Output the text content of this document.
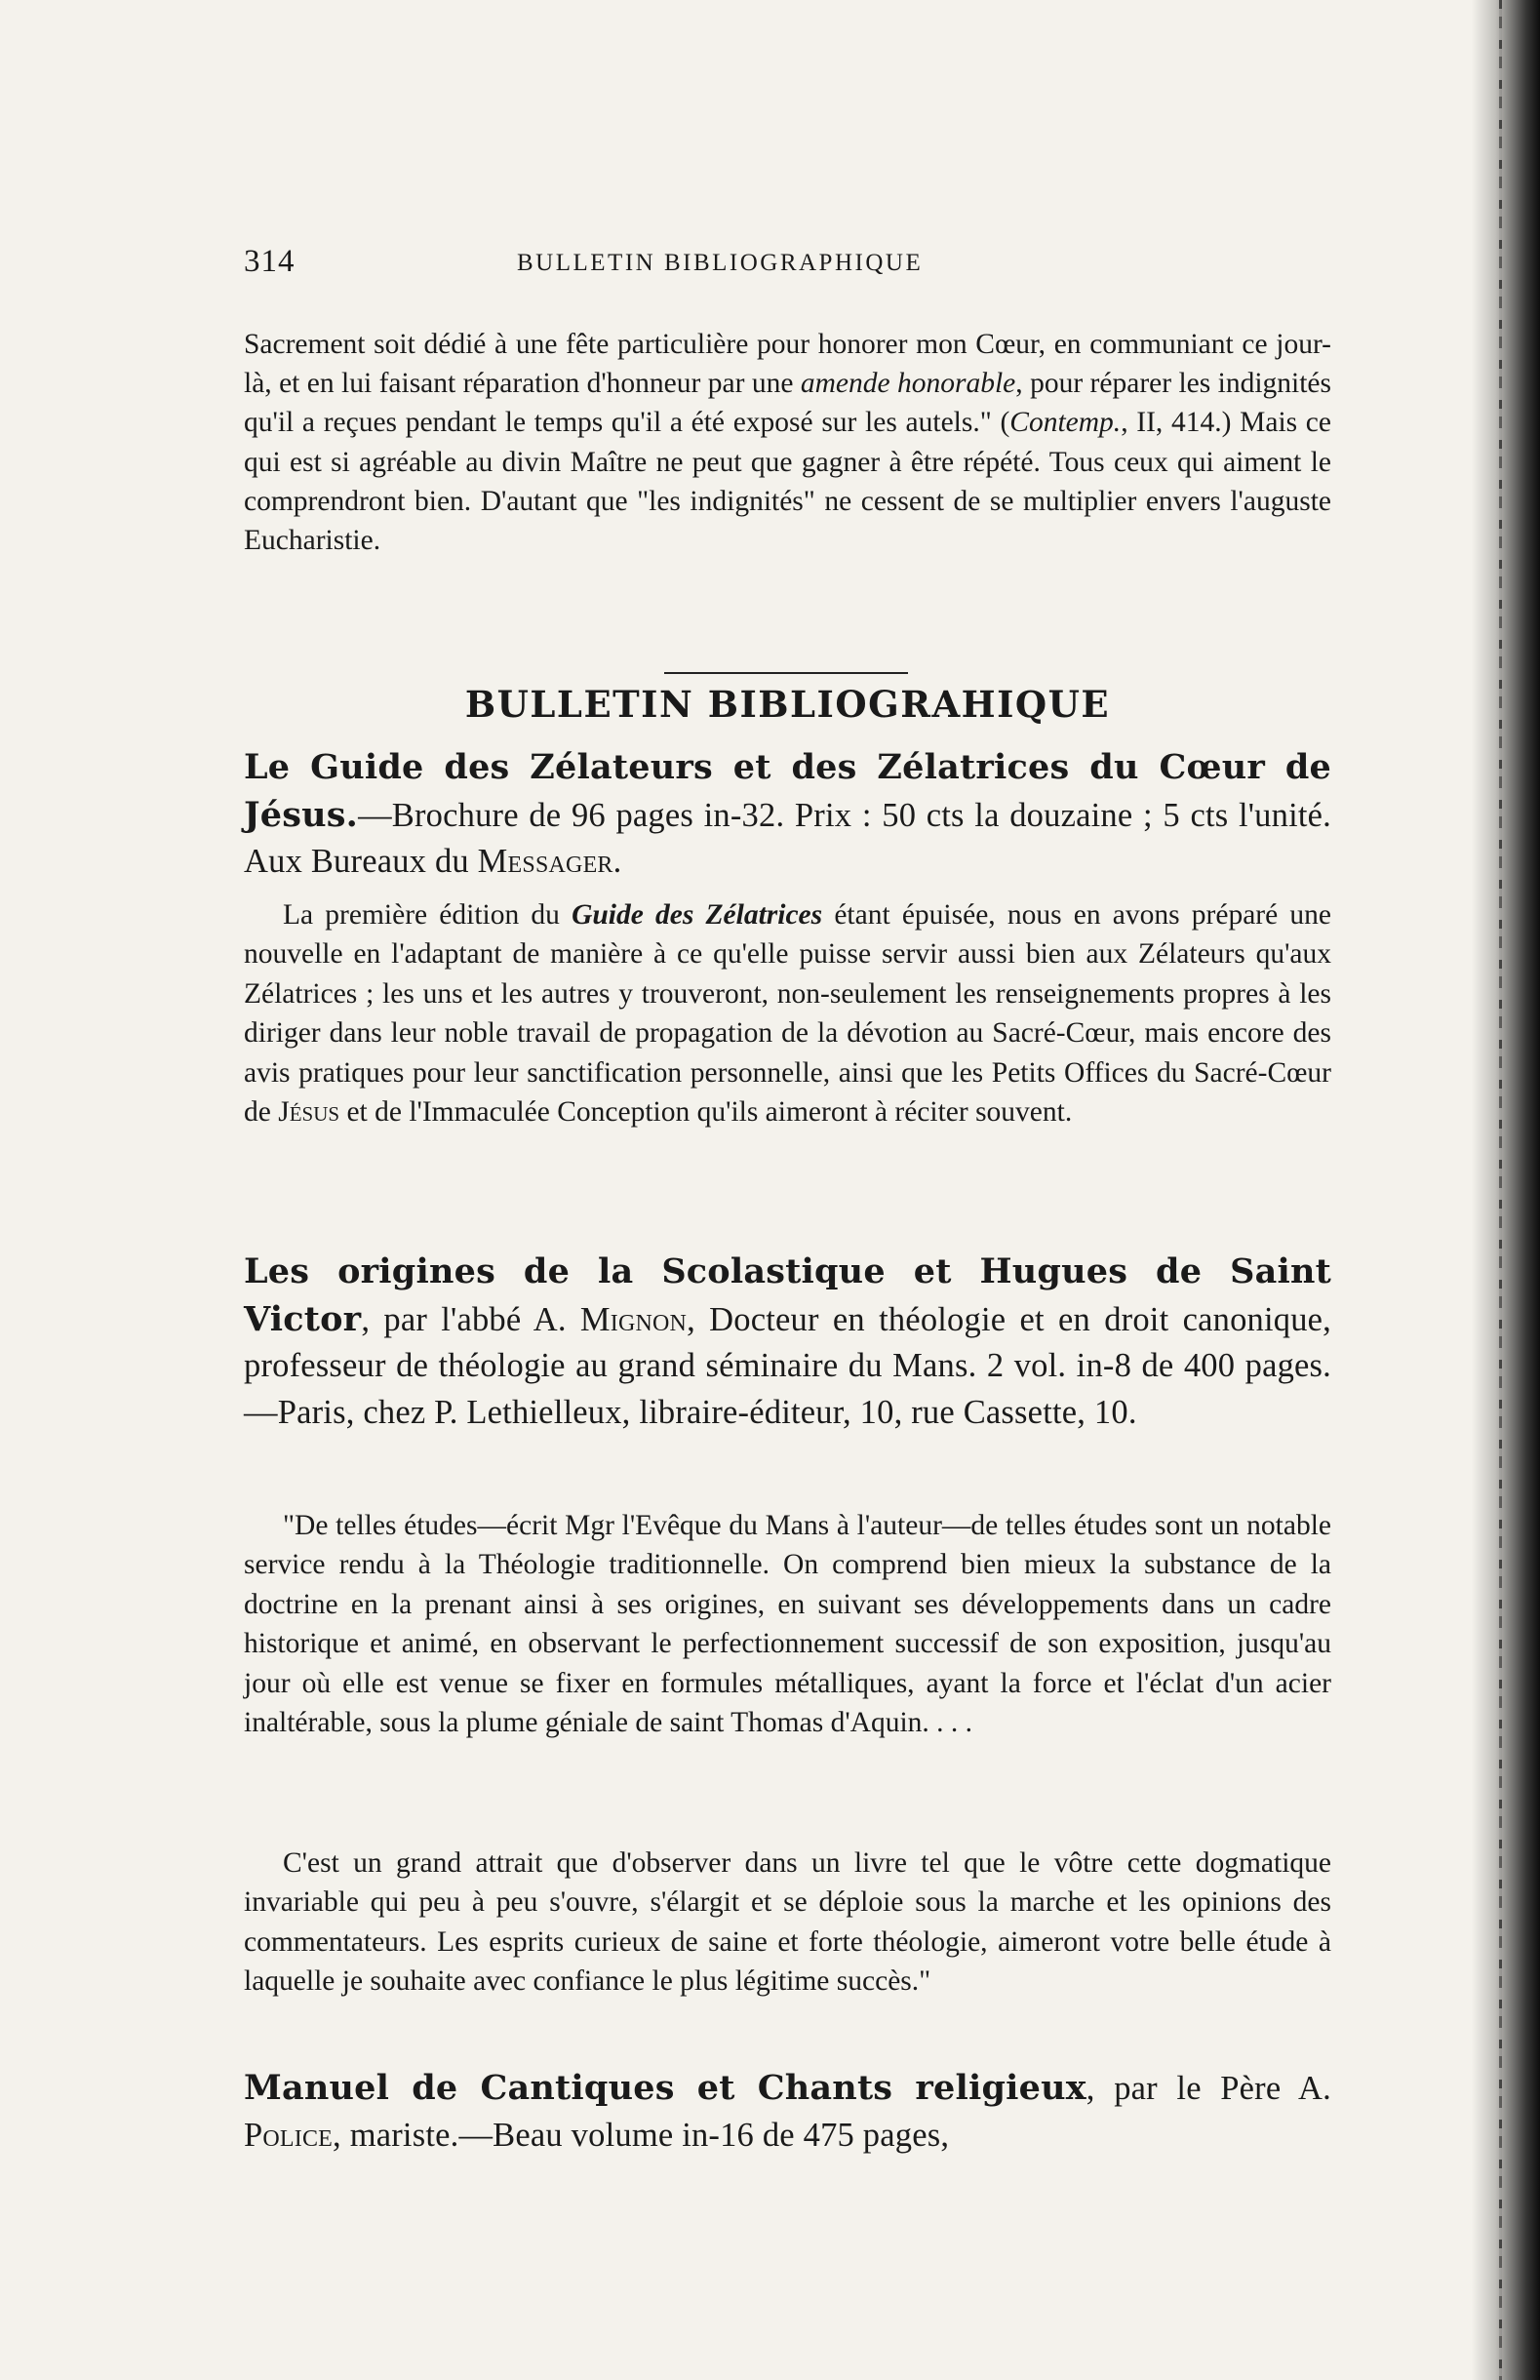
314	BULLETIN BIBLIOGRAPHIQUE

Sacrement soit dédié à une fête particulière pour honorer mon Cœur, en communiant ce jour-là, et en lui faisant réparation d'honneur par une amende honorable, pour réparer les indignités qu'il a reçues pendant le temps qu'il a été exposé sur les autels." (Contemp., II, 414.) Mais ce qui est si agréable au divin Maître ne peut que gagner à être répété. Tous ceux qui aiment le comprendront bien. D'autant que "les indignités" ne cessent de se multiplier envers l'auguste Eucharistie.

BULLETIN BIBLIOGRAHIQUE

Le Guide des Zélateurs et des Zélatrices du Cœur de Jésus.—Brochure de 96 pages in-32. Prix : 50 cts la douzaine ; 5 cts l'unité. Aux Bureaux du Messager.

La première édition du Guide des Zélatrices étant épuisée, nous en avons préparé une nouvelle en l'adaptant de manière à ce qu'elle puisse servir aussi bien aux Zélateurs qu'aux Zélatrices ; les uns et les autres y trouveront, non-seulement les renseignements propres à les diriger dans leur noble travail de propagation de la dévotion au Sacré-Cœur, mais encore des avis pratiques pour leur sanctification personnelle, ainsi que les Petits Offices du Sacré-Cœur de Jésus et de l'Immaculée Conception qu'ils aimeront à réciter souvent.

Les origines de la Scolastique et Hugues de Saint Victor, par l'abbé A. Mignon, Docteur en théologie et en droit canonique, professeur de théologie au grand séminaire du Mans. 2 vol. in-8 de 400 pages.—Paris, chez P. Lethielleux, libraire-éditeur, 10, rue Cassette, 10.

"De telles études—écrit Mgr l'Evêque du Mans à l'auteur—de telles études sont un notable service rendu à la Théologie traditionnelle. On comprend bien mieux la substance de la doctrine en la prenant ainsi à ses origines, en suivant ses développements dans un cadre historique et animé, en observant le perfectionnement successif de son exposition, jusqu'au jour où elle est venue se fixer en formules métalliques, ayant la force et l'éclat d'un acier inaltérable, sous la plume géniale de saint Thomas d'Aquin. . . .

C'est un grand attrait que d'observer dans un livre tel que le vôtre cette dogmatique invariable qui peu à peu s'ouvre, s'élargit et se déploie sous la marche et les opinions des commentateurs. Les esprits curieux de saine et forte théologie, aimeront votre belle étude à laquelle je souhaite avec confiance le plus légitime succès."

Manuel de Cantiques et Chants religieux, par le Père A. Police, mariste.—Beau volume in-16 de 475 pages,
